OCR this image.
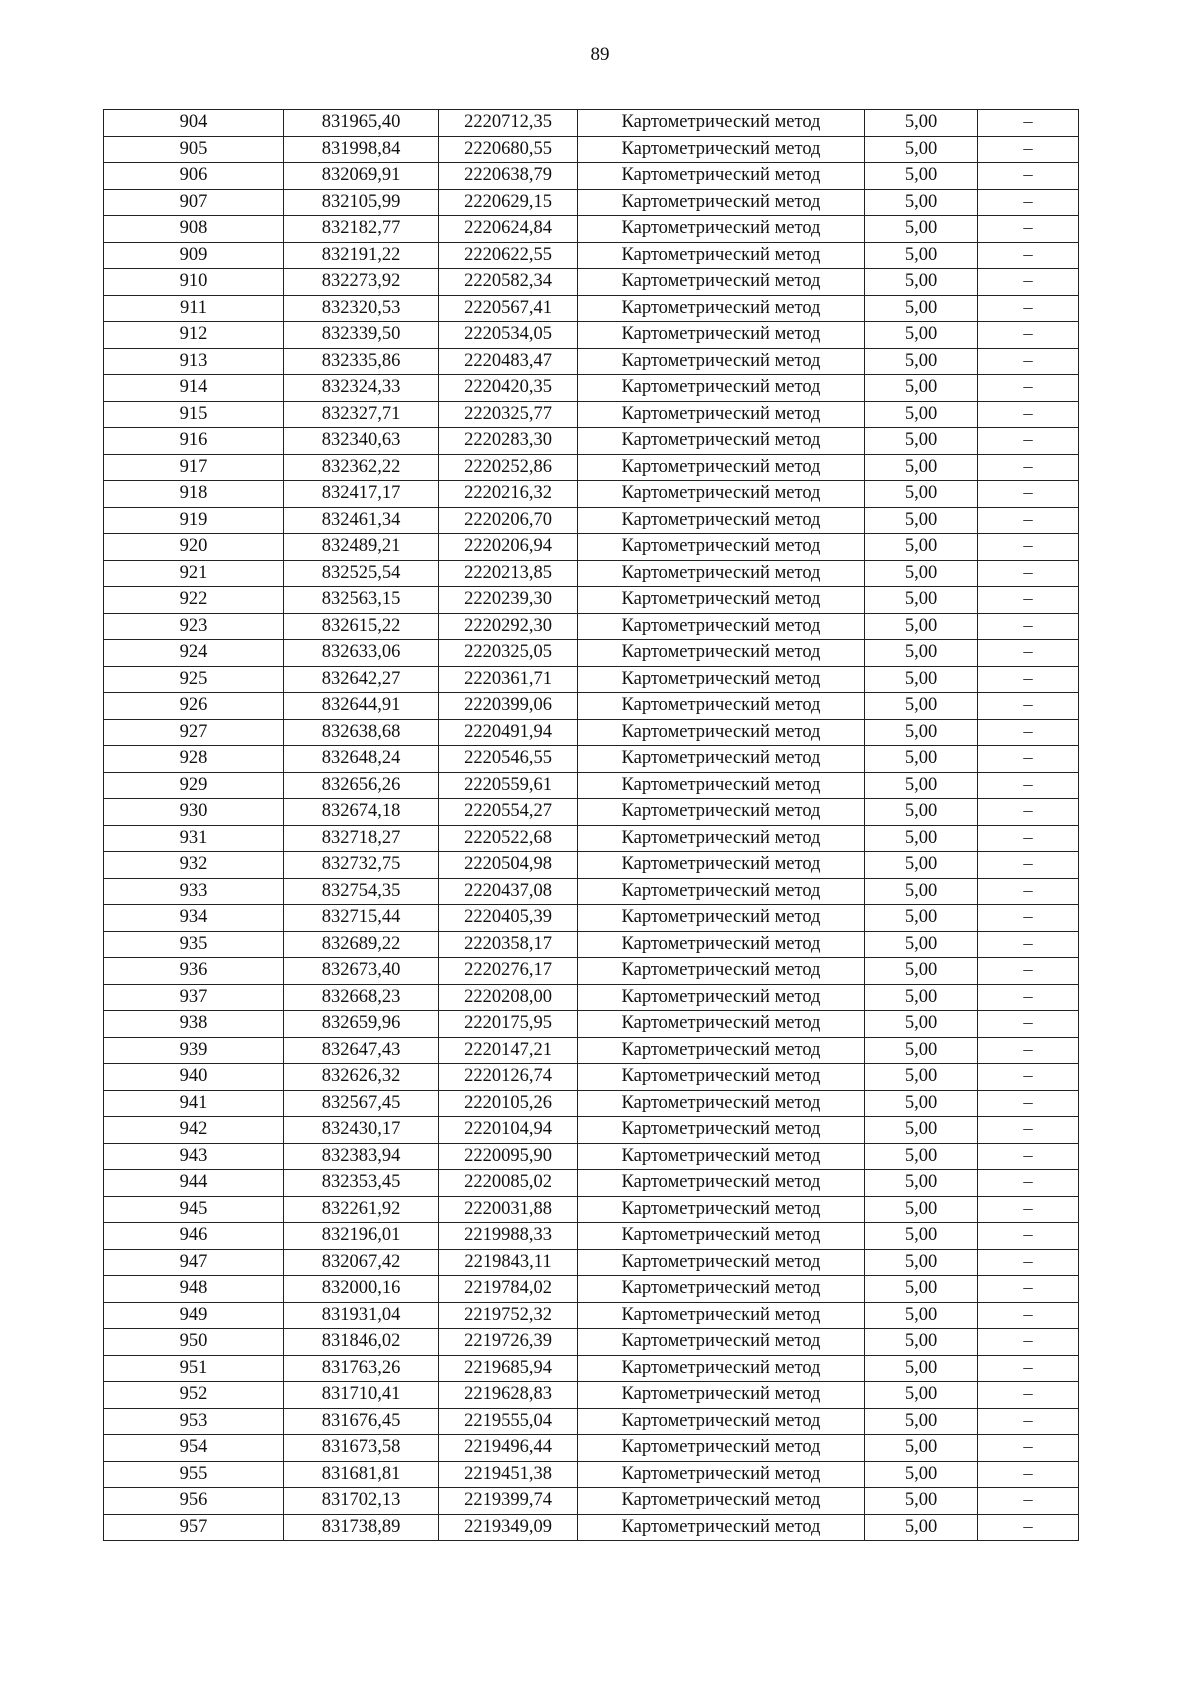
89
904	831965,40	2220712,35	Картометрический метод	5,00	–
905	831998,84	2220680,55	Картометрический метод	5,00	–
906	832069,91	2220638,79	Картометрический метод	5,00	–
907	832105,99	2220629,15	Картометрический метод	5,00	–
908	832182,77	2220624,84	Картометрический метод	5,00	–
909	832191,22	2220622,55	Картометрический метод	5,00	–
910	832273,92	2220582,34	Картометрический метод	5,00	–
911	832320,53	2220567,41	Картометрический метод	5,00	–
912	832339,50	2220534,05	Картометрический метод	5,00	–
913	832335,86	2220483,47	Картометрический метод	5,00	–
914	832324,33	2220420,35	Картометрический метод	5,00	–
915	832327,71	2220325,77	Картометрический метод	5,00	–
916	832340,63	2220283,30	Картометрический метод	5,00	–
917	832362,22	2220252,86	Картометрический метод	5,00	–
918	832417,17	2220216,32	Картометрический метод	5,00	–
919	832461,34	2220206,70	Картометрический метод	5,00	–
920	832489,21	2220206,94	Картометрический метод	5,00	–
921	832525,54	2220213,85	Картометрический метод	5,00	–
922	832563,15	2220239,30	Картометрический метод	5,00	–
923	832615,22	2220292,30	Картометрический метод	5,00	–
924	832633,06	2220325,05	Картометрический метод	5,00	–
925	832642,27	2220361,71	Картометрический метод	5,00	–
926	832644,91	2220399,06	Картометрический метод	5,00	–
927	832638,68	2220491,94	Картометрический метод	5,00	–
928	832648,24	2220546,55	Картометрический метод	5,00	–
929	832656,26	2220559,61	Картометрический метод	5,00	–
930	832674,18	2220554,27	Картометрический метод	5,00	–
931	832718,27	2220522,68	Картометрический метод	5,00	–
932	832732,75	2220504,98	Картометрический метод	5,00	–
933	832754,35	2220437,08	Картометрический метод	5,00	–
934	832715,44	2220405,39	Картометрический метод	5,00	–
935	832689,22	2220358,17	Картометрический метод	5,00	–
936	832673,40	2220276,17	Картометрический метод	5,00	–
937	832668,23	2220208,00	Картометрический метод	5,00	–
938	832659,96	2220175,95	Картометрический метод	5,00	–
939	832647,43	2220147,21	Картометрический метод	5,00	–
940	832626,32	2220126,74	Картометрический метод	5,00	–
941	832567,45	2220105,26	Картометрический метод	5,00	–
942	832430,17	2220104,94	Картометрический метод	5,00	–
943	832383,94	2220095,90	Картометрический метод	5,00	–
944	832353,45	2220085,02	Картометрический метод	5,00	–
945	832261,92	2220031,88	Картометрический метод	5,00	–
946	832196,01	2219988,33	Картометрический метод	5,00	–
947	832067,42	2219843,11	Картометрический метод	5,00	–
948	832000,16	2219784,02	Картометрический метод	5,00	–
949	831931,04	2219752,32	Картометрический метод	5,00	–
950	831846,02	2219726,39	Картометрический метод	5,00	–
951	831763,26	2219685,94	Картометрический метод	5,00	–
952	831710,41	2219628,83	Картометрический метод	5,00	–
953	831676,45	2219555,04	Картометрический метод	5,00	–
954	831673,58	2219496,44	Картометрический метод	5,00	–
955	831681,81	2219451,38	Картометрический метод	5,00	–
956	831702,13	2219399,74	Картометрический метод	5,00	–
957	831738,89	2219349,09	Картометрический метод	5,00	–
